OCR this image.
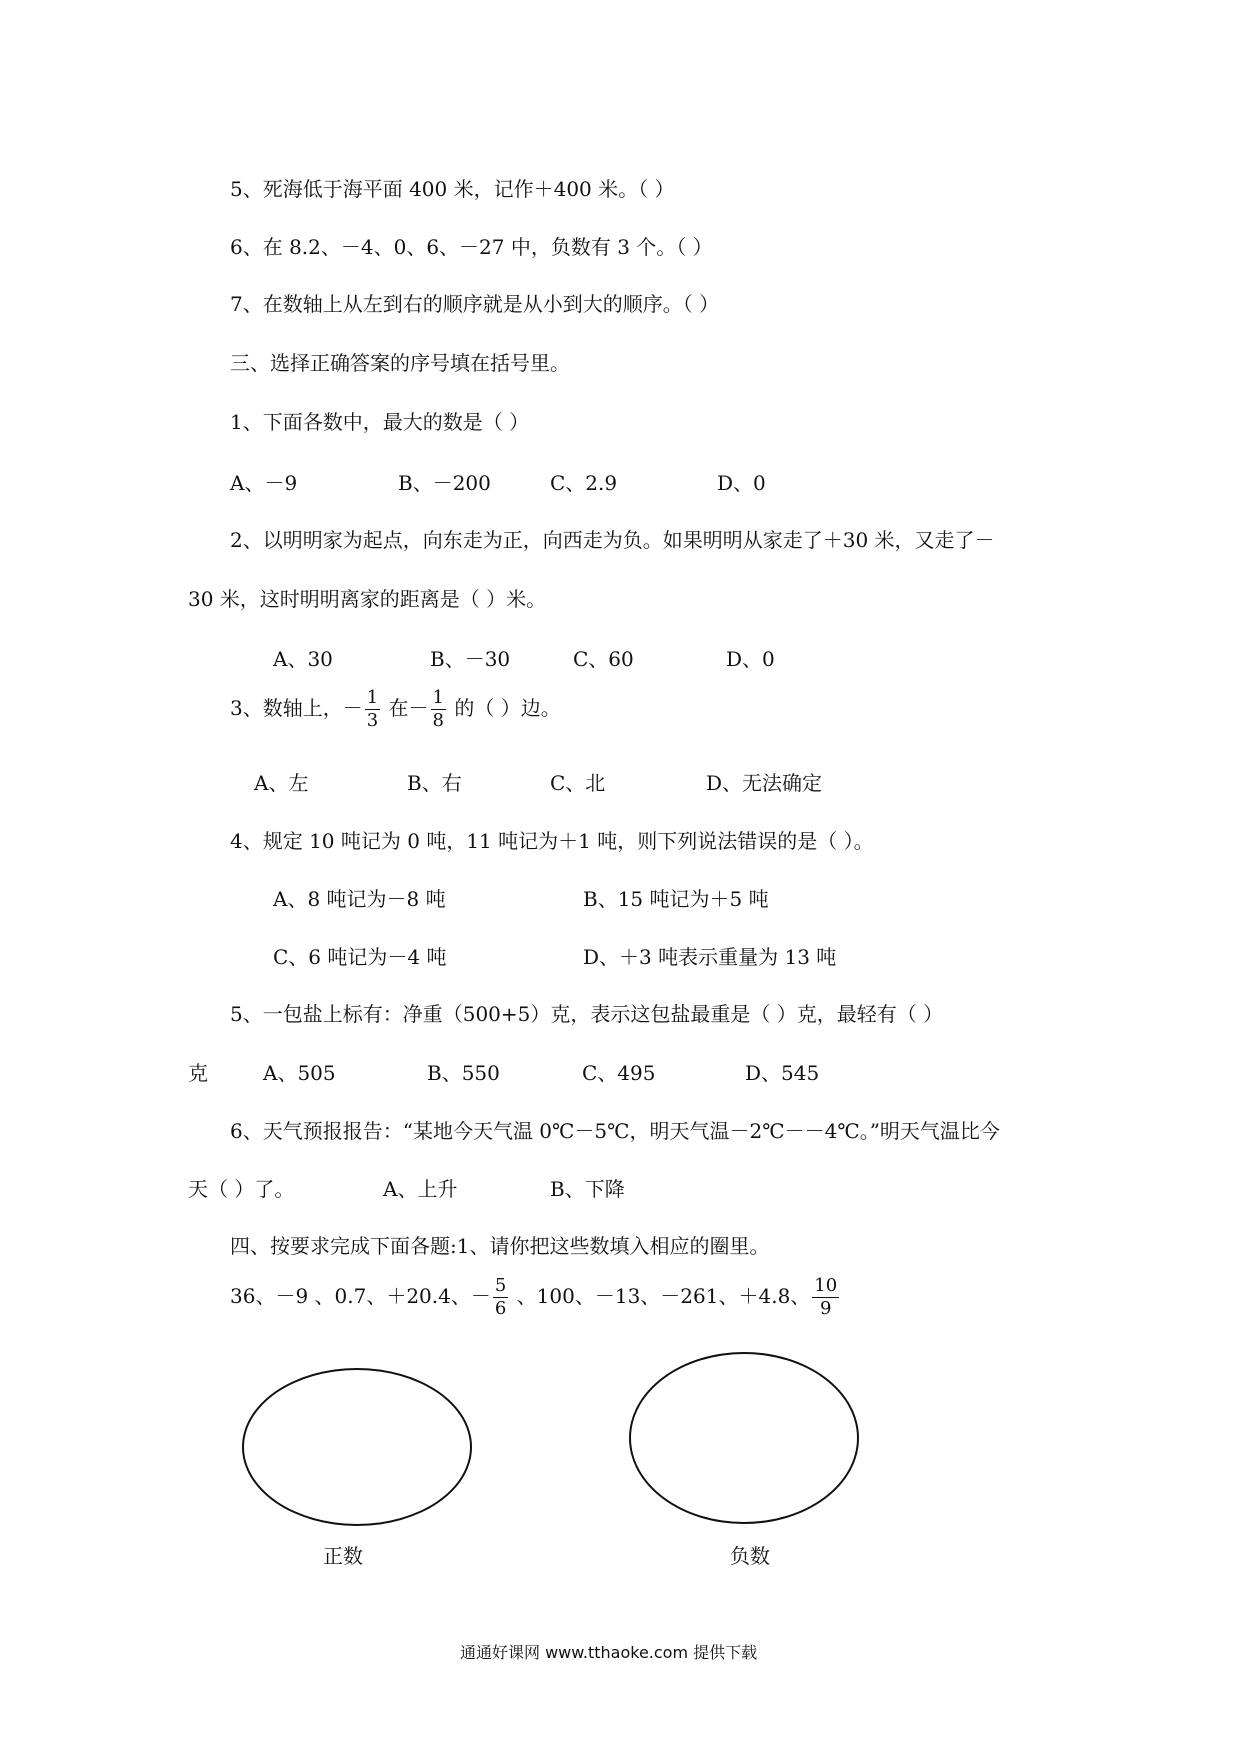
5、死海低于海平面 400 米，记作＋400 米。（ ）
6、在 8.2、－4、0、6、－27 中，负数有 3 个。（ ）
7、在数轴上从左到右的顺序就是从小到大的顺序。（ ）
三、选择正确答案的序号填在括号里。
1、下面各数中，最大的数是（ ）
A、－9	B、－200	C、2.9	D、0
2、以明明家为起点，向东走为正，向西走为负。如果明明从家走了＋30 米，又走了－
30 米，这时明明离家的距离是（ ）米。
A、30	B、－30	C、60	D、0
3、数轴上，－ $\frac{1}{3}$ 在－ $\frac{1}{8}$ 的（ ）边。
A、左	B、右	C、北	D、无法确定
4、规定 10 吨记为 0 吨，11 吨记为＋1 吨，则下列说法错误的是（ ）。
A、8 吨记为－8 吨	B、15 吨记为＋5 吨
C、6 吨记为－4 吨	D、＋3 吨表示重量为 13 吨
5、一包盐上标有：净重（500+5）克，表示这包盐最重是（ ）克，最轻有（ ）
克	A、505	B、550	C、495	D、545
6、天气预报报告：“某地今天气温 0℃－5℃，明天气温－2℃－－4℃。”明天气温比今
天（ ）了。	A、上升	B、下降
四、按要求完成下面各题:1、请你把这些数填入相应的圈里。
36、－9 、0.7、＋20.4、－ $\frac{5}{6}$ 、100、－13、－261、＋4.8、 $\frac{10}{9}$
正数	负数
通通好课网 www.tthaoke.com 提供下载
